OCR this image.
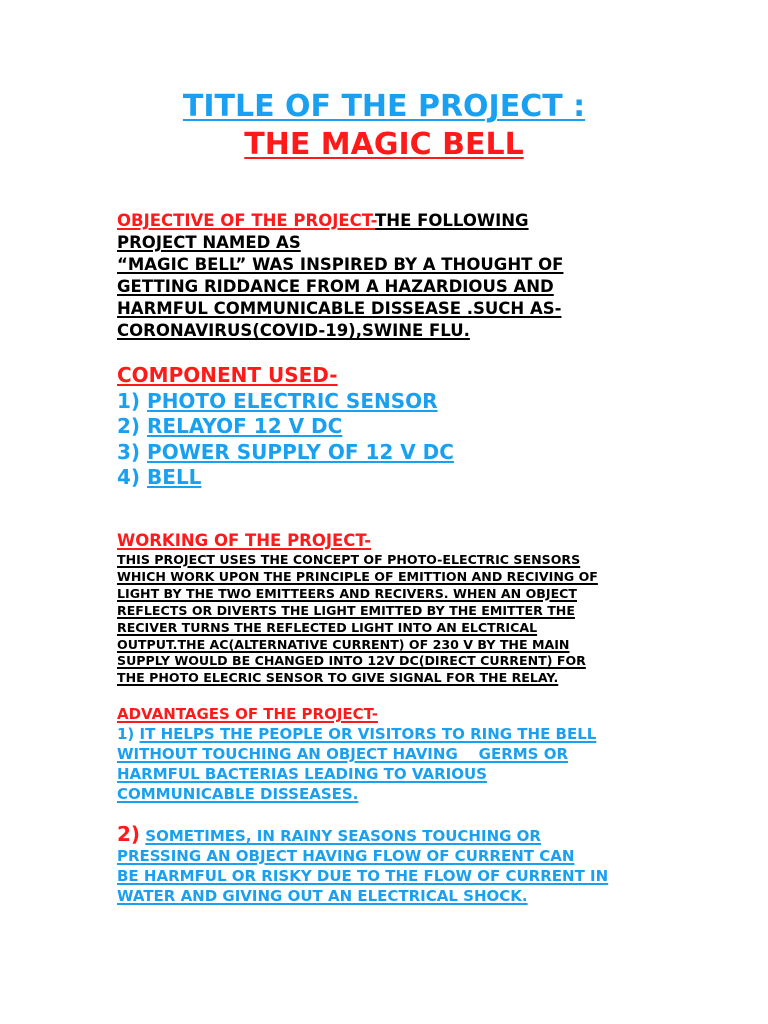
TITLE OF THE PROJECT :
THE MAGIC BELL
OBJECTIVE OF THE PROJECT-THE FOLLOWING
PROJECT NAMED AS
“MAGIC BELL” WAS INSPIRED BY A THOUGHT OF
GETTING RIDDANCE FROM A HAZARDIOUS AND
HARMFUL COMMUNICABLE DISSEASE .SUCH AS-
CORONAVIRUS(COVID-19),SWINE FLU.
COMPONENT USED-
1) PHOTO ELECTRIC SENSOR
2) RELAYOF 12 V DC
3) POWER SUPPLY OF 12 V DC
4) BELL
WORKING OF THE PROJECT-
THIS PROJECT USES THE CONCEPT OF PHOTO-ELECTRIC SENSORS
WHICH WORK UPON THE PRINCIPLE OF EMITTION AND RECIVING OF
LIGHT BY THE TWO EMITTEERS AND RECIVERS. WHEN AN OBJECT
REFLECTS OR DIVERTS THE LIGHT EMITTED BY THE EMITTER THE
RECIVER TURNS THE REFLECTED LIGHT INTO AN ELCTRICAL
OUTPUT.THE AC(ALTERNATIVE CURRENT) OF 230 V BY THE MAIN
SUPPLY WOULD BE CHANGED INTO 12V DC(DIRECT CURRENT) FOR
THE PHOTO ELECRIC SENSOR TO GIVE SIGNAL FOR THE RELAY.
ADVANTAGES OF THE PROJECT-
1) IT HELPS THE PEOPLE OR VISITORS TO RING THE BELL
WITHOUT TOUCHING AN OBJECT HAVING    GERMS OR
HARMFUL BACTERIAS LEADING TO VARIOUS
COMMUNICABLE DISSEASES.
2) SOMETIMES, IN RAINY SEASONS TOUCHING OR
PRESSING AN OBJECT HAVING FLOW OF CURRENT CAN
BE HARMFUL OR RISKY DUE TO THE FLOW OF CURRENT IN
WATER AND GIVING OUT AN ELECTRICAL SHOCK.
